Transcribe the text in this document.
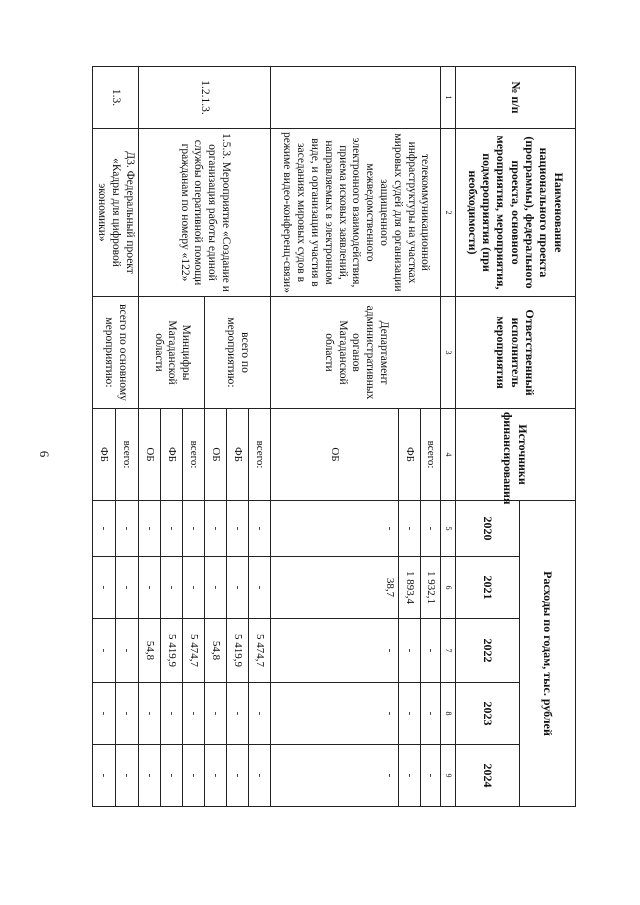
6
№ п/п	Наименование национального проекта (программы), федерального проекта, основного мероприятия, мероприятия, подмероприятия (при необходимости)	Ответственный исполнитель мероприятия	Источники финансирования	Расходы по годам, тыс. рублей				
				2020	2021	2022	2023	2024
1	2	3	4	5	6	7	8	9
	телекоммуникационной инфраструктуры на участках мировых судей для организации защищенного межведомственного электронного взаимодействия, приема исковых заявлений, направляемых в электронном виде, и организации участия в заседаниях мировых судов в режиме видео-конференц-связи»	Департамент административных органов Магаданской области	всего:	-	1 932,1	-	-	-
			ФБ	-	1 893,4	-	-	-
			ОБ	-	38,7	-	-	-
1.2.1.3.	1.5.3. Мероприятие «Создание и организация работы единой службы оперативной помощи гражданам по номеру «122»	всего по мероприятию:	всего:	-	-	5 474,7	-	-
			ФБ	-	-	5 419,9	-	-
			ОБ	-	-	54,8	-	-
		Минцифры Магаданской области	всего:	-	-	5 474,7	-	-
			ФБ	-	-	5 419,9	-	-
			ОБ	-	-	54,8	-	-
1.3.	Д3. Федеральный проект «Кадры для цифровой экономики»	всего по основному мероприятию:	всего:	-	-	-	-	-
			ФБ	-	-	-	-	-
